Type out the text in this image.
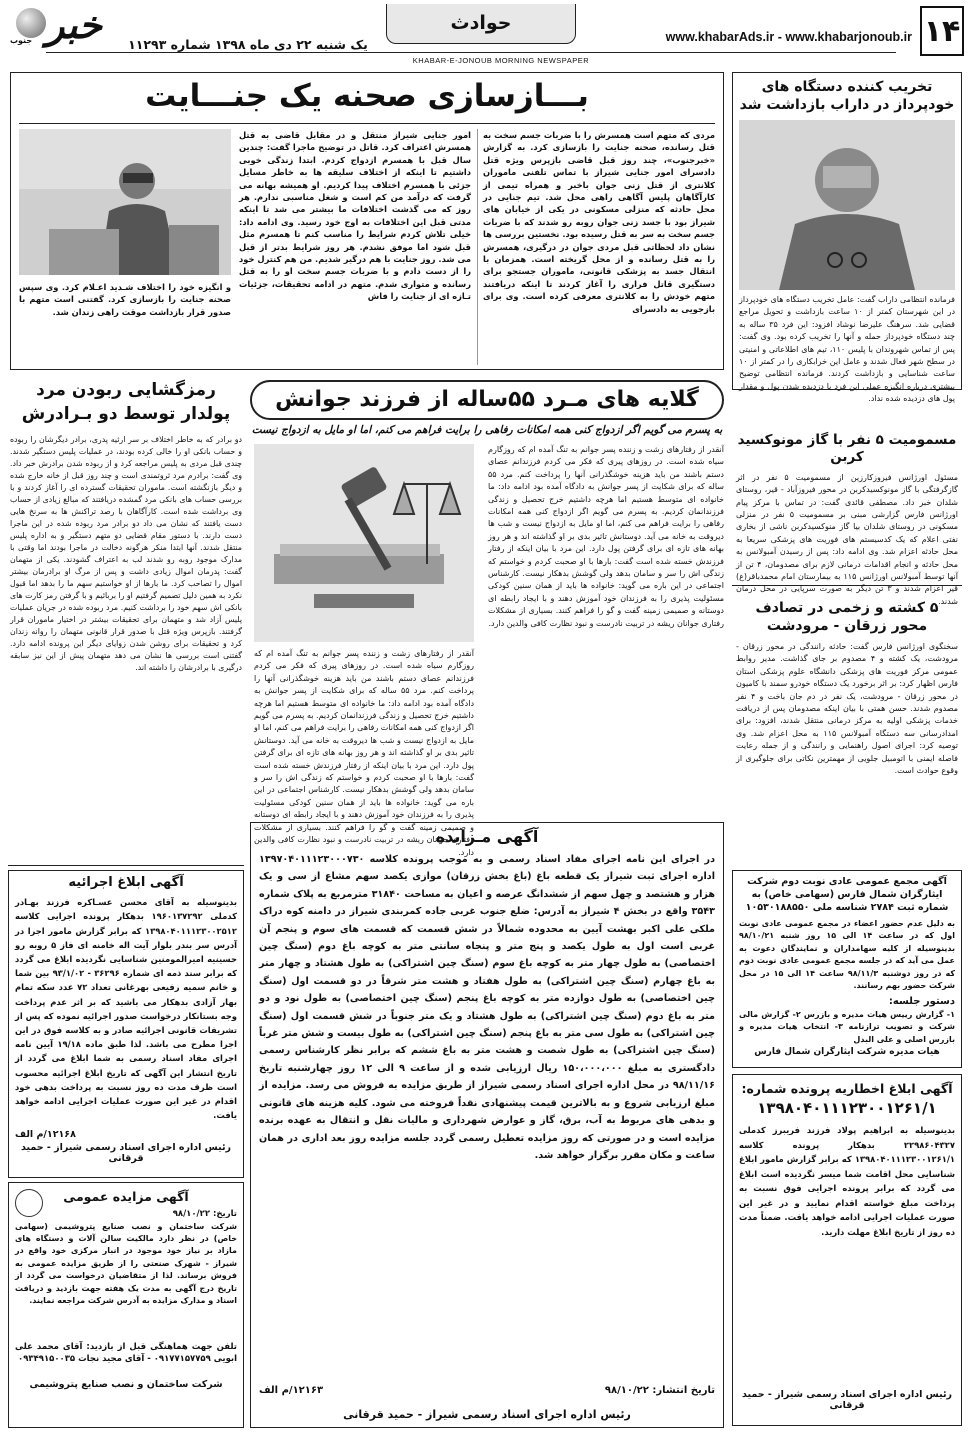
۱۴
www.khabarAds.ir - www.khabarjonoub.ir
حوادث
یک شنبه ۲۲ دی ماه ۱۳۹۸ شماره ۱۱۲۹۳
خبر
جنوب
KHABAR-E-JONOUB MORNING NEWSPAPER
بـــازسازی صحنه یک جنـــایت
مردی که متهم است همسرش را با ضربات جسم سخت به قتل رسانده، صحنه جنایت را بازسازی کرد. به گزارش «خبرجنوب»، چند روز قبل قاضی بازپرس ویژه قتل دادسرای امور جنایی شیراز با تماس تلفنی ماموران کلانتری از قتل زنی جوان باخبر و همراه تیمی از کارآگاهان پلیس آگاهی راهی محل شد. تیم جنایی در محل حادثه که منزلی مسکونی در یکی از خیابان های شیراز بود با جسد زنی جوان روبه رو شدند که با ضربات جسم سخت به سر به قتل رسیده بود. نخستین بررسی ها نشان داد لحظاتی قبل مردی جوان در درگیری، همسرش را به قتل رسانده و از محل گریخته است. همزمان با انتقال جسد به پزشکی قانونی، ماموران جستجو برای دستگیری قاتل فراری را آغاز کردند تا اینکه دریافتند متهم خودش را به کلانتری معرفی کرده است. وی برای بازجویی به دادسرای
امور جنایی شیراز منتقل و در مقابل قاضی به قتل همسرش اعتراف کرد. قاتل در توضیح ماجرا گفت: چندین سال قبل با همسرم ازدواج کردم. ابتدا زندگی خوبی داشتیم تا اینکه از اختلاف سلیقه ها به خاطر مسایل جزئی با همسرم اختلاف پیدا کردیم. او همیشه بهانه می گرفت که درآمد من کم است و شغل مناسبی ندارم. هر روز که می گذشت اختلافات ما بیشتر می شد تا اینکه مدتی قبل این اختلافات به اوج خود رسید. وی ادامه داد: خیلی تلاش کردم شرایط را مناسب کنم تا همسرم مثل قبل شود اما موفق نشدم. هر روز شرایط بدتر از قبل می شد. روز جنایت با هم درگیر شدیم. من هم کنترل خود را از دست دادم و با ضربات جسم سخت او را به قتل رسانده و متواری شدم. متهم در ادامه تحقیقات، جزئیات تـازه ای از جنایت را فاش
و انگیزه خود را اختلاف شـدید اعـلام کرد. وی سپس صحنه جنایت را بازسازی کرد. گفتنی است متهم با صدور قرار بازداشت موقت راهی زندان شد.
تخریب کننده دستگاه های خودپرداز در داراب بازداشت شد
فرمانده انتظامی داراب گفت: عامل تخریب دستگاه های خودپرداز در این شهرستان کمتر از ۱۰ ساعت بازداشت و تحویل مراجع قضایی شد. سرهنگ علیرضا نوشاد افزود: این فرد ۳۵ ساله به چند دستگاه خودپرداز حمله و آنها را تخریب کرده بود. وی گفت: پس از تماس شهروندان با پلیس ۱۱۰، تیم های اطلاعاتی و امنیتی در سطح شهر فعال شدند و عامل این خرابکاری را در کمتر از ۱۰ ساعت شناسایی و بازداشت کردند. فرمانده انتظامی توضیح بیشتری درباره انگیزه عملی این فرد با دزدیده شدن پول و مقدار پول های دزدیده شده نداد.
مسمومیت ۵ نفر با گاز مونوکسید کربن
مسئول اورژانس فیروزکارزین از مسمومیت ۵ نفر در اثر گازگرفتگی با گاز مونوکسیدکربن در محور فیروزآباد - قیر، روستای شلدان خبر داد. مصطفی قائدی گفت: در تماس با مرکز پیام اورژانس فارس گزارشی مبنی بر مسمومیت ۵ نفر در منزلی مسکونی در روستای شلدان بیا گاز منوکسیدکربن ناشی از بخاری نفتی اعلام که یک کدسیستم های فوریت های پزشکی سریعا به محل حادثه اعزام شد. وی ادامه داد: پس از رسیدن آمبولانس به محل حادثه و انجام اقدامات درمانی لازم برای مصدومان، ۴ تن از آنها توسط آمبولانس اورژانس ۱۱۵ به بیمارستان امام محمدباقر(ع) قیر اعزام شدند و ۳ تن دیگر به صورت سرپایی در محل درمان شدند.
۵ کشته و زخمی در تصادف محور زرقان - مرودشت
سخنگوی اورژانس فارس گفت: حادثه رانندگی در محور زرقان - مرودشت، یک کشته و ۴ مصدوم بر جای گذاشت. مدیر روابط عمومی مرکز فوریت های پزشکی دانشگاه علوم پزشکی استان فارس اظهار کرد: بر اثر برخورد یک دستگاه خودرو سمند با کامیون در محور زرقان - مرودشت، یک نفر در دم جان باخت و ۴ نفر مصدوم شدند. حسن همتی با بیان اینکه مصدومان پس از دریافت خدمات پزشکی اولیه به مرکز درمانی منتقل شدند، افزود: برای امدادرسانی سه دستگاه آمبولانس ۱۱۵ به محل اعزام شد. وی توصیه کرد: اجرای اصول راهنمایی و رانندگی و از جمله رعایت فاصله ایمنی با اتومبیل جلویی از مهمترین نکاتی برای جلوگیری از وقوع حوادث است.
آگهی مجمع عمومی عادی نوبت دوم شرکت ایثارگران شمال فارس (سهامی خاص) به شماره ثبت ۲۷۸۴ شناسه ملی ۱۰۵۳۰۱۸۸۵۵۰
به دلیل عدم حضور اعضاء در مجمع عمومی عادی نوبت اول که در ساعت ۱۴ الی ۱۵ روز شنبه ۹۸/۱۰/۲۱ بدینوسیله از کلیه سهامداران و نمایندگان دعوت به عمل می آید که در جلسه مجمع عمومی عادی نوبت دوم که در روز دوشنبه ۹۸/۱۱/۳ ساعت ۱۴ الی ۱۵ در محل شرکت حضور بهم رسانند.
دستور جلسه:
۱- گزارش رییس هیات مدیره و بازرس ۲- گزارش مالی شرکت و تصویب ترازنامه ۳- انتخاب هیات مدیره و بازرس اصلی و علی البدل
هیات مدیره شرکت ایثارگران شمال فارس
آگهی ابلاغ اخطاریه پرونده شماره:
۱۳۹۸۰۴۰۱۱۱۲۳۰۰۱۲۶۱/۱
بدینوسیله به ابراهیم پولاد فرزند فریبرز کدملی ۲۲۹۸۶۰۴۳۲۷ بدهکار پرونده کلاسه ۱۳۹۸۰۴۰۱۱۱۲۳۰۰۱۲۶۱/۱ که برابر گزارش مامور ابلاغ شناسایی محل اقامت شما میسر نگردیده است ابلاغ می گردد که برابر پرونده اجرایی فوق نسبت به پرداخت مبلغ خواسته اقدام نمایید و در غیر این صورت عملیات اجرایی ادامه خواهد یافت. ضمناً مدت ده روز از تاریخ ابلاغ مهلت دارید.
رئیس اداره اجرای اسناد رسمی شیراز - حمید قرقانی
گلایه های مـرد ۵۵ساله از فرزند جوانش
به پسرم می گویم اگر ازدواج کنی همه امکانات رفاهی را برایت فراهم می کنم، اما او مایل به ازدواج نیست
آنقدر از رفتارهای زشت و زننده پسر جوانم به تنگ آمده ام که روزگارم سیاه شده است. در روزهای پیری که فکر می کردم فرزندانم عصای دستم باشند من باید هزینه خوشگذرانی آنها را پرداخت کنم. مرد ۵۵ ساله که برای شکایت از پسر جوانش به دادگاه آمده بود ادامه داد: ما خانواده ای متوسط هستیم اما هرچه داشتیم خرج تحصیل و زندگی فرزندانمان کردیم. به پسرم می گویم اگر ازدواج کنی همه امکانات رفاهی را برایت فراهم می کنم، اما او مایل به ازدواج نیست و شب ها دیروقت به خانه می آید. دوستانش تاثیر بدی بر او گذاشته اند و هر روز بهانه های تازه ای برای گرفتن پول دارد. این مرد با بیان اینکه از رفتار فرزندش خسته شده است گفت: بارها با او صحبت کردم و خواستم که زندگی اش را سر و سامان بدهد ولی گوشش بدهکار نیست. کارشناس اجتماعی در این باره می گوید: خانواده ها باید از همان سنین کودکی مسئولیت پذیری را به فرزندان خود آموزش دهند و با ایجاد رابطه ای دوستانه و صمیمی زمینه گفت و گو را فراهم کنند. بسیاری از مشکلات رفتاری جوانان ریشه در تربیت نادرست و نبود نظارت کافی والدین دارد.
آنقدر از رفتارهای زشت و زننده پسر جوانم به تنگ آمده ام که روزگارم سیاه شده است. در روزهای پیری که فکر می کردم فرزندانم عصای دستم باشند من باید هزینه خوشگذرانی آنها را پرداخت کنم. مرد ۵۵ ساله که برای شکایت از پسر جوانش به دادگاه آمده بود ادامه داد: ما خانواده ای متوسط هستیم اما هرچه داشتیم خرج تحصیل و زندگی فرزندانمان کردیم. به پسرم می گویم اگر ازدواج کنی همه امکانات رفاهی را برایت فراهم می کنم، اما او مایل به ازدواج نیست و شب ها دیروقت به خانه می آید. دوستانش تاثیر بدی بر او گذاشته اند و هر روز بهانه های تازه ای برای گرفتن پول دارد. این مرد با بیان اینکه از رفتار فرزندش خسته شده است گفت: بارها با او صحبت کردم و خواستم که زندگی اش را سر و سامان بدهد ولی گوشش بدهکار نیست. کارشناس اجتماعی در این باره می گوید: خانواده ها باید از همان سنین کودکی مسئولیت پذیری را به فرزندان خود آموزش دهند و با ایجاد رابطه ای دوستانه و صمیمی زمینه گفت و گو را فراهم کنند. بسیاری از مشکلات رفتاری جوانان ریشه در تربیت نادرست و نبود نظارت کافی والدین دارد.
رمزگشایی ربودن مرد پولدار توسط دو بـرادرش
دو برادر که به خاطر اختلاف بر سر ارثیه پدری، برادر دیگرشان را ربوده و حساب بانکی او را خالی کرده بودند، در عملیات پلیس دستگیر شدند. چندی قبل مردی به پلیس مراجعه کرد و از ربوده شدن برادرش خبر داد. وی گفت: برادرم مرد ثروتمندی است و چند روز قبل از خانه خارج شده و دیگر بازنگشته است. ماموران تحقیقات گسترده ای را آغاز کردند و با بررسی حساب های بانکی مرد گمشده دریافتند که مبالغ زیادی از حساب وی برداشت شده است. کارآگاهان با رصد تراکنش ها به سرنخ هایی دست یافتند که نشان می داد دو برادر مرد ربوده شده در این ماجرا دست دارند. با دستور مقام قضایی دو متهم دستگیر و به اداره پلیس منتقل شدند. آنها ابتدا منکر هرگونه دخالت در ماجرا بودند اما وقتی با مدارک موجود روبه رو شدند لب به اعتراف گشودند. یکی از متهمان گفت: پدرمان اموال زیادی داشت و پس از مرگ او برادرمان بیشتر اموال را تصاحب کرد. ما بارها از او خواستیم سهم ما را بدهد اما قبول نکرد به همین دلیل تصمیم گرفتیم او را بربائیم و با گرفتن رمز کارت های بانکی اش سهم خود را برداشت کنیم. مرد ربوده شده در جریان عملیات پلیس آزاد شد و متهمان برای تحقیقات بیشتر در اختیار ماموران قرار گرفتند. بازپرس ویژه قتل با صدور قرار قانونی متهمان را روانه زندان کرد و تحقیقات برای روشن شدن زوایای دیگر این پرونده ادامه دارد. گفتنی است بررسی ها نشان می دهد متهمان پیش از این نیز سابقه درگیری با برادرشان را داشته اند.
آگهی ابلاغ اجرائیه
بدینوسیله به آقای محسن عسـاکره فرزند بهـادر کدملی ۱۹۶۰۱۳۷۲۹۲ بدهکار پرونده اجرایی کلاسه ۱۳۹۸۰۴۰۱۱۱۲۳۰۰۲۵۱۲ که برابر گزارش مامور اجرا در آدرس سر بندر بلوار آیت اله خامنه ای فاز ۵ روبه رو حسینیه امیرالمومنین شناسایی نگردیده ابلاغ می گردد که برابر سند ذمه ای شماره ۳۶۲۹۶ - ۹۳/۱/۰۲ بین شما و خانم سمیه رفیعی بهرغانی تعداد ۷۲ عدد سکه تمام بهار آزادی بدهکار می باشید که بر اثر عدم پرداخت وجه بستانکار درخواست صدور اجرائیه نموده که پس از تشریفات قانونی اجرائیه صادر و به کلاسه فوق در این اجرا مطرح می باشد. لذا طبق ماده ۱۹/۱۸ آیین نامه اجرای مفاد اسناد رسمی به شما ابلاغ می گردد از تاریخ انتشار این آگهی که تاریخ ابلاغ اجرائیه محسوب است ظرف مدت ده روز نسبت به پرداخت بدهی خود اقدام در غیر این صورت عملیات اجرایی ادامه خواهد یافت.
۱۲۱۶۸/م الف
رئیس اداره اجرای اسناد رسمی شیراز - حمید قرقانی
آگهی مزایده عمومی
تاریخ: ۹۸/۱۰/۲۲
شرکت ساختمان و نصب صنایع پتروشیمی (سهامی خاص) در نظر دارد مالکیت سالن آلات و دستگاه های مازاد بر نیاز خود موجود در انبار مرکزی خود واقع در شیراز - شهرک صنعتی را از طریق مزایده عمومی به فروش برساند. لذا از متقاضیان درخواست می گردد از تاریخ درج آگهی به مدت یک هفته جهت بازدید و دریافت اسناد و مدارک مزایده به آدرس شرکت مراجعه نمایند.
تلفن جهت هماهنگی قبل از بازدید: آقای محمد علی ابویی ۰۹۱۷۷۱۵۷۷۵۹ - آقای مجید نجات ۰۹۳۴۹۱۵۰۰۳۵
شرکت ساختمان و نصب صنایع پتروشیمی
آگهی مـزایده
در اجرای این نامه اجرای مفاد اسناد رسمی و به موجب پرونده کلاسه ۱۳۹۷۰۴۰۱۱۱۲۳۰۰۰۷۳۰ اداره اجرای ثبت شیراز یک قطعه باغ (باغ بخش زرقان) موازی یکصد سهم مشاع از سی و یک هزار و هشتصد و چهل سهم از ششدانگ عرصه و اعیان به مساحت ۳۱۸۴۰ مترمربع به پلاک شماره ۳۵۴۳ واقع در بخش ۴ شیراز به آدرس: ضلع جنوب غربی جاده کمربندی شیراز در دامنه کوه دراک ملکی علی اکبر بهشت آیین به محدوده شمالاً در شش قسمت که قسمت های سوم و پنجم آن غربی است اول به طول یکصد و پنج متر و پنجاه سانتی متر به کوچه باغ دوم (سنگ چین اختصاصی) به طول چهار متر به کوچه باغ سوم (سنگ چین اشتراکی) به طول هشتاد و چهار متر به باغ چهارم (سنگ چین اشتراکی) به طول هفتاد و هشت متر شرقاً در دو قسمت اول (سنگ چین اختصاصی) به طول دوازده متر به کوچه باغ پنجم (سنگ چین اختصاصی) به طول نود و دو متر به باغ دوم (سنگ چین اشتراکی) به طول هشتاد و یک متر جنوباً در شش قسمت اول (سنگ چین اشتراکی) به طول سی متر به باغ پنجم (سنگ چین اشتراکی) به طول بیست و شش متر غرباً (سنگ چین اشتراکی) به طول شصت و هشت متر به باغ ششم که برابر نظر کارشناس رسمی دادگستری به مبلغ ۱۵۰،۰۰۰،۰۰۰ ریال ارزیابی شده و از ساعت ۹ الی ۱۲ روز چهارشنبه تاریخ ۹۸/۱۱/۱۶ در محل اداره اجرای اسناد رسمی شیراز از طریق مزایده به فروش می رسد. مزایده از مبلغ ارزیابی شروع و به بالاترین قیمت پیشنهادی نقداً فروخته می شود. کلیه هزینه های قانونی و بدهی های مربوط به آب، برق، گاز و عوارض شهرداری و مالیات نقل و انتقال به عهده برنده مزایده است و در صورتی که روز مزایده تعطیل رسمی گردد جلسه مزایده روز بعد اداری در همان ساعت و مکان مقرر برگزار خواهد شد.
تاریخ انتشار: ۹۸/۱۰/۲۲
۱۲۱۶۳/م الف
رئیس اداره اجرای اسناد رسمی شیراز - حمید قرقانی
